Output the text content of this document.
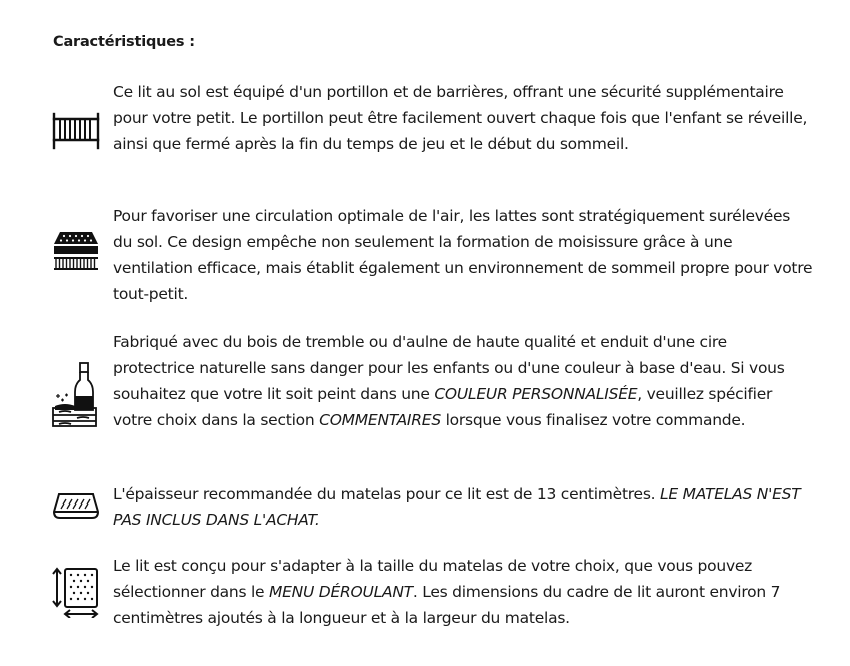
Caractéristiques :

Ce lit au sol est équipé d'un portillon et de barrières, offrant une sécurité supplémentaire pour votre petit. Le portillon peut être facilement ouvert chaque fois que l'enfant se réveille, ainsi que fermé après la fin du temps de jeu et le début du sommeil.

Pour favoriser une circulation optimale de l'air, les lattes sont stratégiquement surélevées du sol. Ce design empêche non seulement la formation de moisissure grâce à une ventilation efficace, mais établit également un environnement de sommeil propre pour votre tout-petit.

Fabriqué avec du bois de tremble ou d'aulne de haute qualité et enduit d'une cire protectrice naturelle sans danger pour les enfants ou d'une couleur à base d'eau. Si vous souhaitez que votre lit soit peint dans une COULEUR PERSONNALISÉE, veuillez spécifier votre choix dans la section COMMENTAIRES lorsque vous finalisez votre commande.

L'épaisseur recommandée du matelas pour ce lit est de 13 centimètres. LE MATELAS N'EST PAS INCLUS DANS L'ACHAT.

Le lit est conçu pour s'adapter à la taille du matelas de votre choix, que vous pouvez sélectionner dans le MENU DÉROULANT. Les dimensions du cadre de lit auront environ 7 centimètres ajoutés à la longueur et à la largeur du matelas.
